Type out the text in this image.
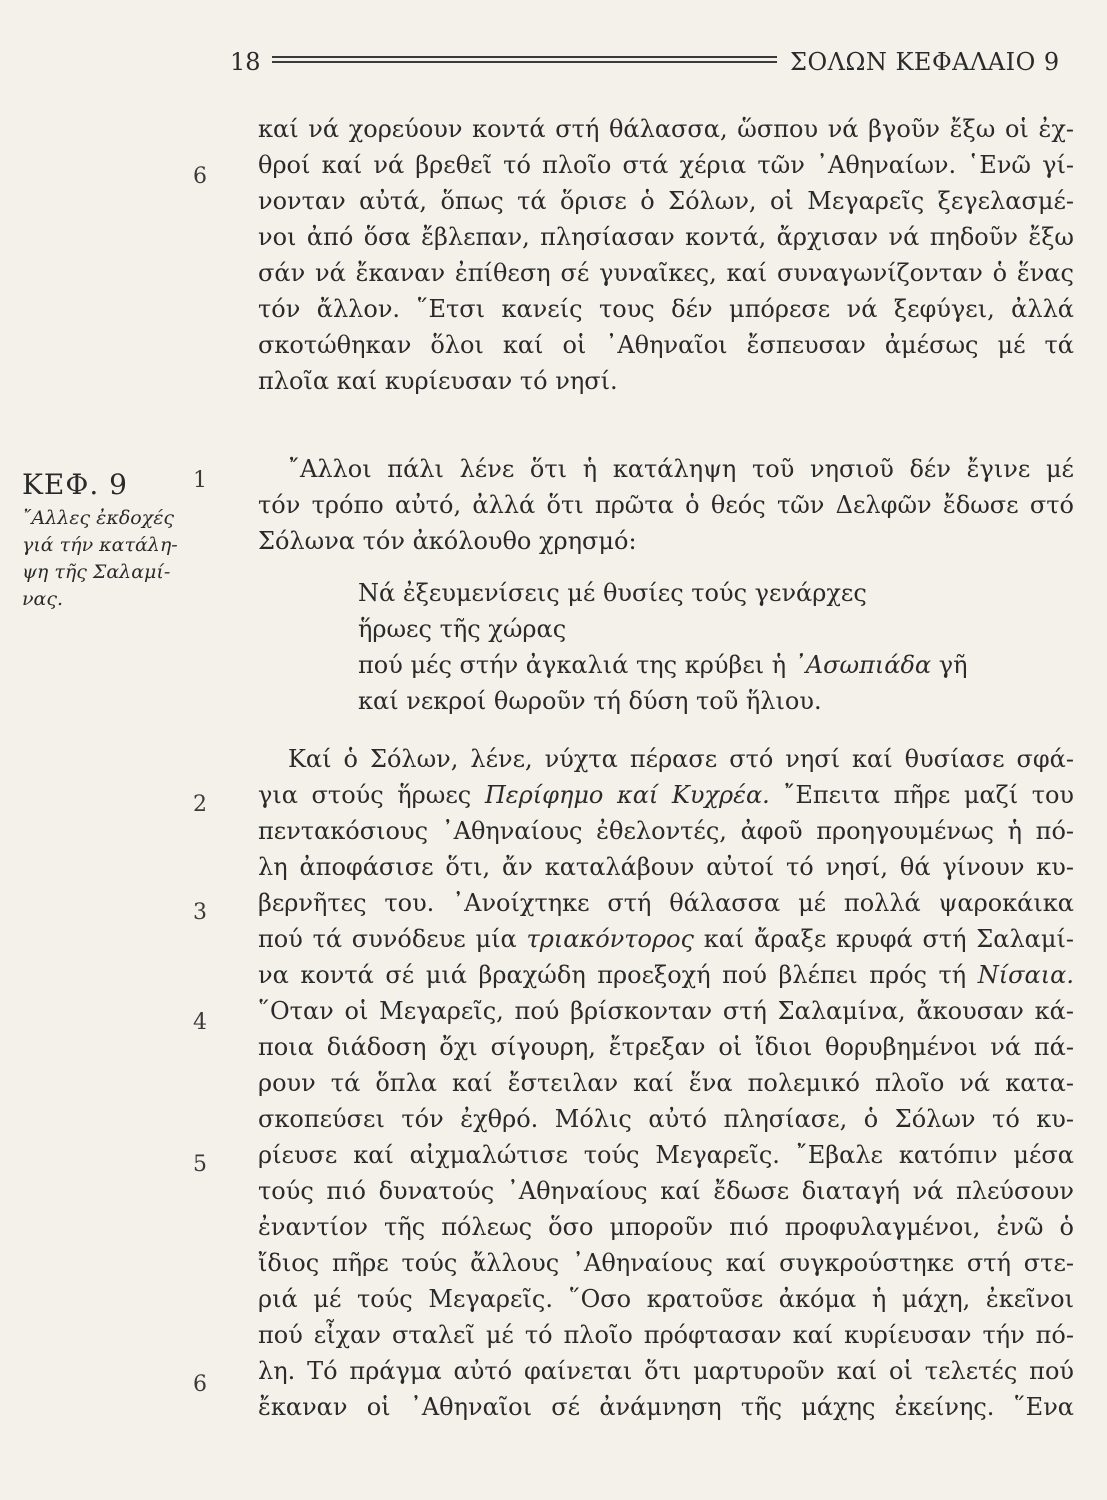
18	ΣΟΛΩΝ ΚΕΦΑΛΑΙΟ 9
ΚΕΦ. 9
῎Αλλες ἐκδοχές
γιά τήν κατάλη-
ψη τῆς Σαλαμί-
νας.
6
1
2
3
4
5
6
καί νά χορεύουν κοντά στή θάλασσα, ὥσπου νά βγοῦν ἔξω οἱ ἐχ-
θροί καί νά βρεθεῖ τό πλοῖο στά χέρια τῶν ᾿Αθηναίων. ῾Ενῶ γί-
νονταν αὐτά, ὅπως τά ὅρισε ὁ Σόλων, οἱ Μεγαρεῖς ξεγελασμέ-
νοι ἀπό ὅσα ἔβλεπαν, πλησίασαν κοντά, ἄρχισαν νά πηδοῦν ἔξω
σάν νά ἔκαναν ἐπίθεση σέ γυναῖκες, καί συναγωνίζονταν ὁ ἕνας
τόν ἄλλον. ῞Ετσι κανείς τους δέν μπόρεσε νά ξεφύγει, ἀλλά
σκοτώθηκαν ὅλοι καί οἱ ᾿Αθηναῖοι ἔσπευσαν ἀμέσως μέ τά
πλοῖα καί κυρίευσαν τό νησί.
῎Αλλοι πάλι λένε ὅτι ἡ κατάληψη τοῦ νησιοῦ δέν ἔγινε μέ
τόν τρόπο αὐτό, ἀλλά ὅτι πρῶτα ὁ θεός τῶν Δελφῶν ἔδωσε στό
Σόλωνα τόν ἀκόλουθο χρησμό:
Νά ἐξευμενίσεις μέ θυσίες τούς γενάρχες
ἥρωες τῆς χώρας
πού μές στήν ἀγκαλιά της κρύβει ἡ ᾿Ασωπιάδα γῆ
καί νεκροί θωροῦν τή δύση τοῦ ἥλιου.
Καί ὁ Σόλων, λένε, νύχτα πέρασε στό νησί καί θυσίασε σφά-
για στούς ἥρωες Περίφημο καί Κυχρέα. ῎Επειτα πῆρε μαζί του
πεντακόσιους ᾿Αθηναίους ἐθελοντές, ἀφοῦ προηγουμένως ἡ πό-
λη ἀποφάσισε ὅτι, ἄν καταλάβουν αὐτοί τό νησί, θά γίνουν κυ-
βερνῆτες του. ᾿Ανοίχτηκε στή θάλασσα μέ πολλά ψαροκάικα
πού τά συνόδευε μία τριακόντορος καί ἄραξε κρυφά στή Σαλαμί-
να κοντά σέ μιά βραχώδη προεξοχή πού βλέπει πρός τή Νίσαια.
῞Οταν οἱ Μεγαρεῖς, πού βρίσκονταν στή Σαλαμίνα, ἄκουσαν κά-
ποια διάδοση ὄχι σίγουρη, ἔτρεξαν οἱ ἴδιοι θορυβημένοι νά πά-
ρουν τά ὅπλα καί ἔστειλαν καί ἕνα πολεμικό πλοῖο νά κατα-
σκοπεύσει τόν ἐχθρό. Μόλις αὐτό πλησίασε, ὁ Σόλων τό κυ-
ρίευσε καί αἰχμαλώτισε τούς Μεγαρεῖς. ῎Εβαλε κατόπιν μέσα
τούς πιό δυνατούς ᾿Αθηναίους καί ἔδωσε διαταγή νά πλεύσουν
ἐναντίον τῆς πόλεως ὅσο μποροῦν πιό προφυλαγμένοι, ἐνῶ ὁ
ἴδιος πῆρε τούς ἄλλους ᾿Αθηναίους καί συγκρούστηκε στή στε-
ριά μέ τούς Μεγαρεῖς. ῞Οσο κρατοῦσε ἀκόμα ἡ μάχη, ἐκεῖνοι
πού εἶχαν σταλεῖ μέ τό πλοῖο πρόφτασαν καί κυρίευσαν τήν πό-
λη. Τό πράγμα αὐτό φαίνεται ὅτι μαρτυροῦν καί οἱ τελετές πού
ἔκαναν οἱ ᾿Αθηναῖοι σέ ἀνάμνηση τῆς μάχης ἐκείνης. ῞Ενα
